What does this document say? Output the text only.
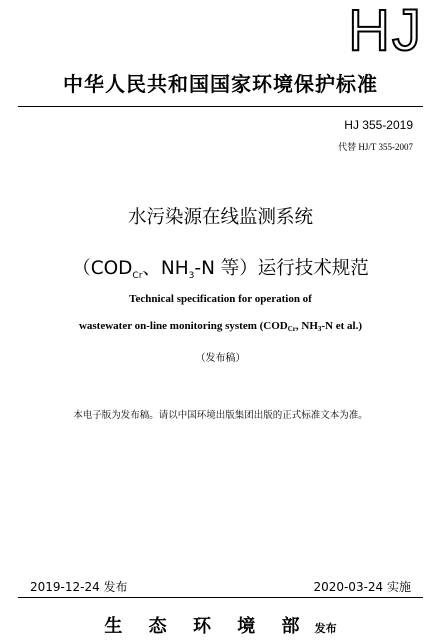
HJ
中华人民共和国国家环境保护标准
HJ 355-2019
代替 HJ/T 355-2007
水污染源在线监测系统
（$COD_{Cr}$、$NH_3-N$ 等）运行技术规范
Technical specification for operation of
wastewater on-line monitoring system ($COD_{Cr}$, $NH_3-N$ et al.)
（发布稿）
本电子版为发布稿。请以中国环境出版集团出版的正式标准文本为准。
2019-12-24 发布	2020-03-24 实施
生 态 环 境 部 发布
